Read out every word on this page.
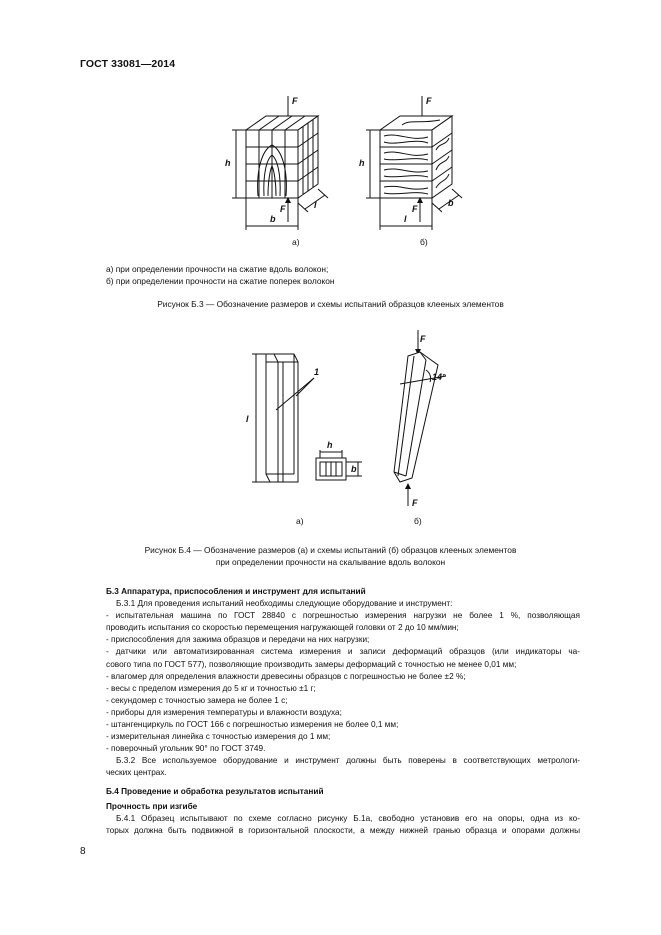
ГОСТ 33081—2014
F
F
h
b
l
F
F
h
l
b
а)	б)
а) при определении прочности на сжатие вдоль волокон;
б) при определении прочности на сжатие поперек волокон
Рисунок Б.3 — Обозначение размеров и схемы испытаний образцов клееных элементов
l
1
h
b
F
14°
F
а)	б)
Рисунок Б.4 — Обозначение размеров (а) и схемы испытаний (б) образцов клееных элементов
при определении прочности на скалывание вдоль волокон
Б.3 Аппаратура, приспособления и инструмент для испытаний
Б.3.1 Для проведения испытаний необходимы следующие оборудование и инструмент:
- испытательная машина по ГОСТ 28840 с погрешностью измерения нагрузки не более 1 %, позволяющая
проводить испытания со скоростью перемещения нагружающей головки от 2 до 10 мм/мин;
- приспособления для зажима образцов и передачи на них нагрузки;
- датчики или автоматизированная система измерения и записи деформаций образцов (или индикаторы ча-
сового типа по ГОСТ 577), позволяющие производить замеры деформаций с точностью не менее 0,01 мм;
- влагомер для определения влажности древесины образцов с погрешностью не более ±2 %;
- весы с пределом измерения до 5 кг и точностью ±1 г;
- секундомер с точностью замера не более 1 с;
- приборы для измерения температуры и влажности воздуха;
- штангенциркуль по ГОСТ 166 с погрешностью измерения не более 0,1 мм;
- измерительная линейка с точностью измерения до 1 мм;
- поверочный угольник 90° по ГОСТ 3749.
Б.3.2 Все используемое оборудование и инструмент должны быть поверены в соответствующих метрологи-
ческих центрах.
Б.4 Проведение и обработка результатов испытаний
Прочность при изгибе
Б.4.1 Образец испытывают по схеме согласно рисунку Б.1а, свободно установив его на опоры, одна из ко-
торых должна быть подвижной в горизонтальной плоскости, а между нижней гранью образца и опорами должны
8
